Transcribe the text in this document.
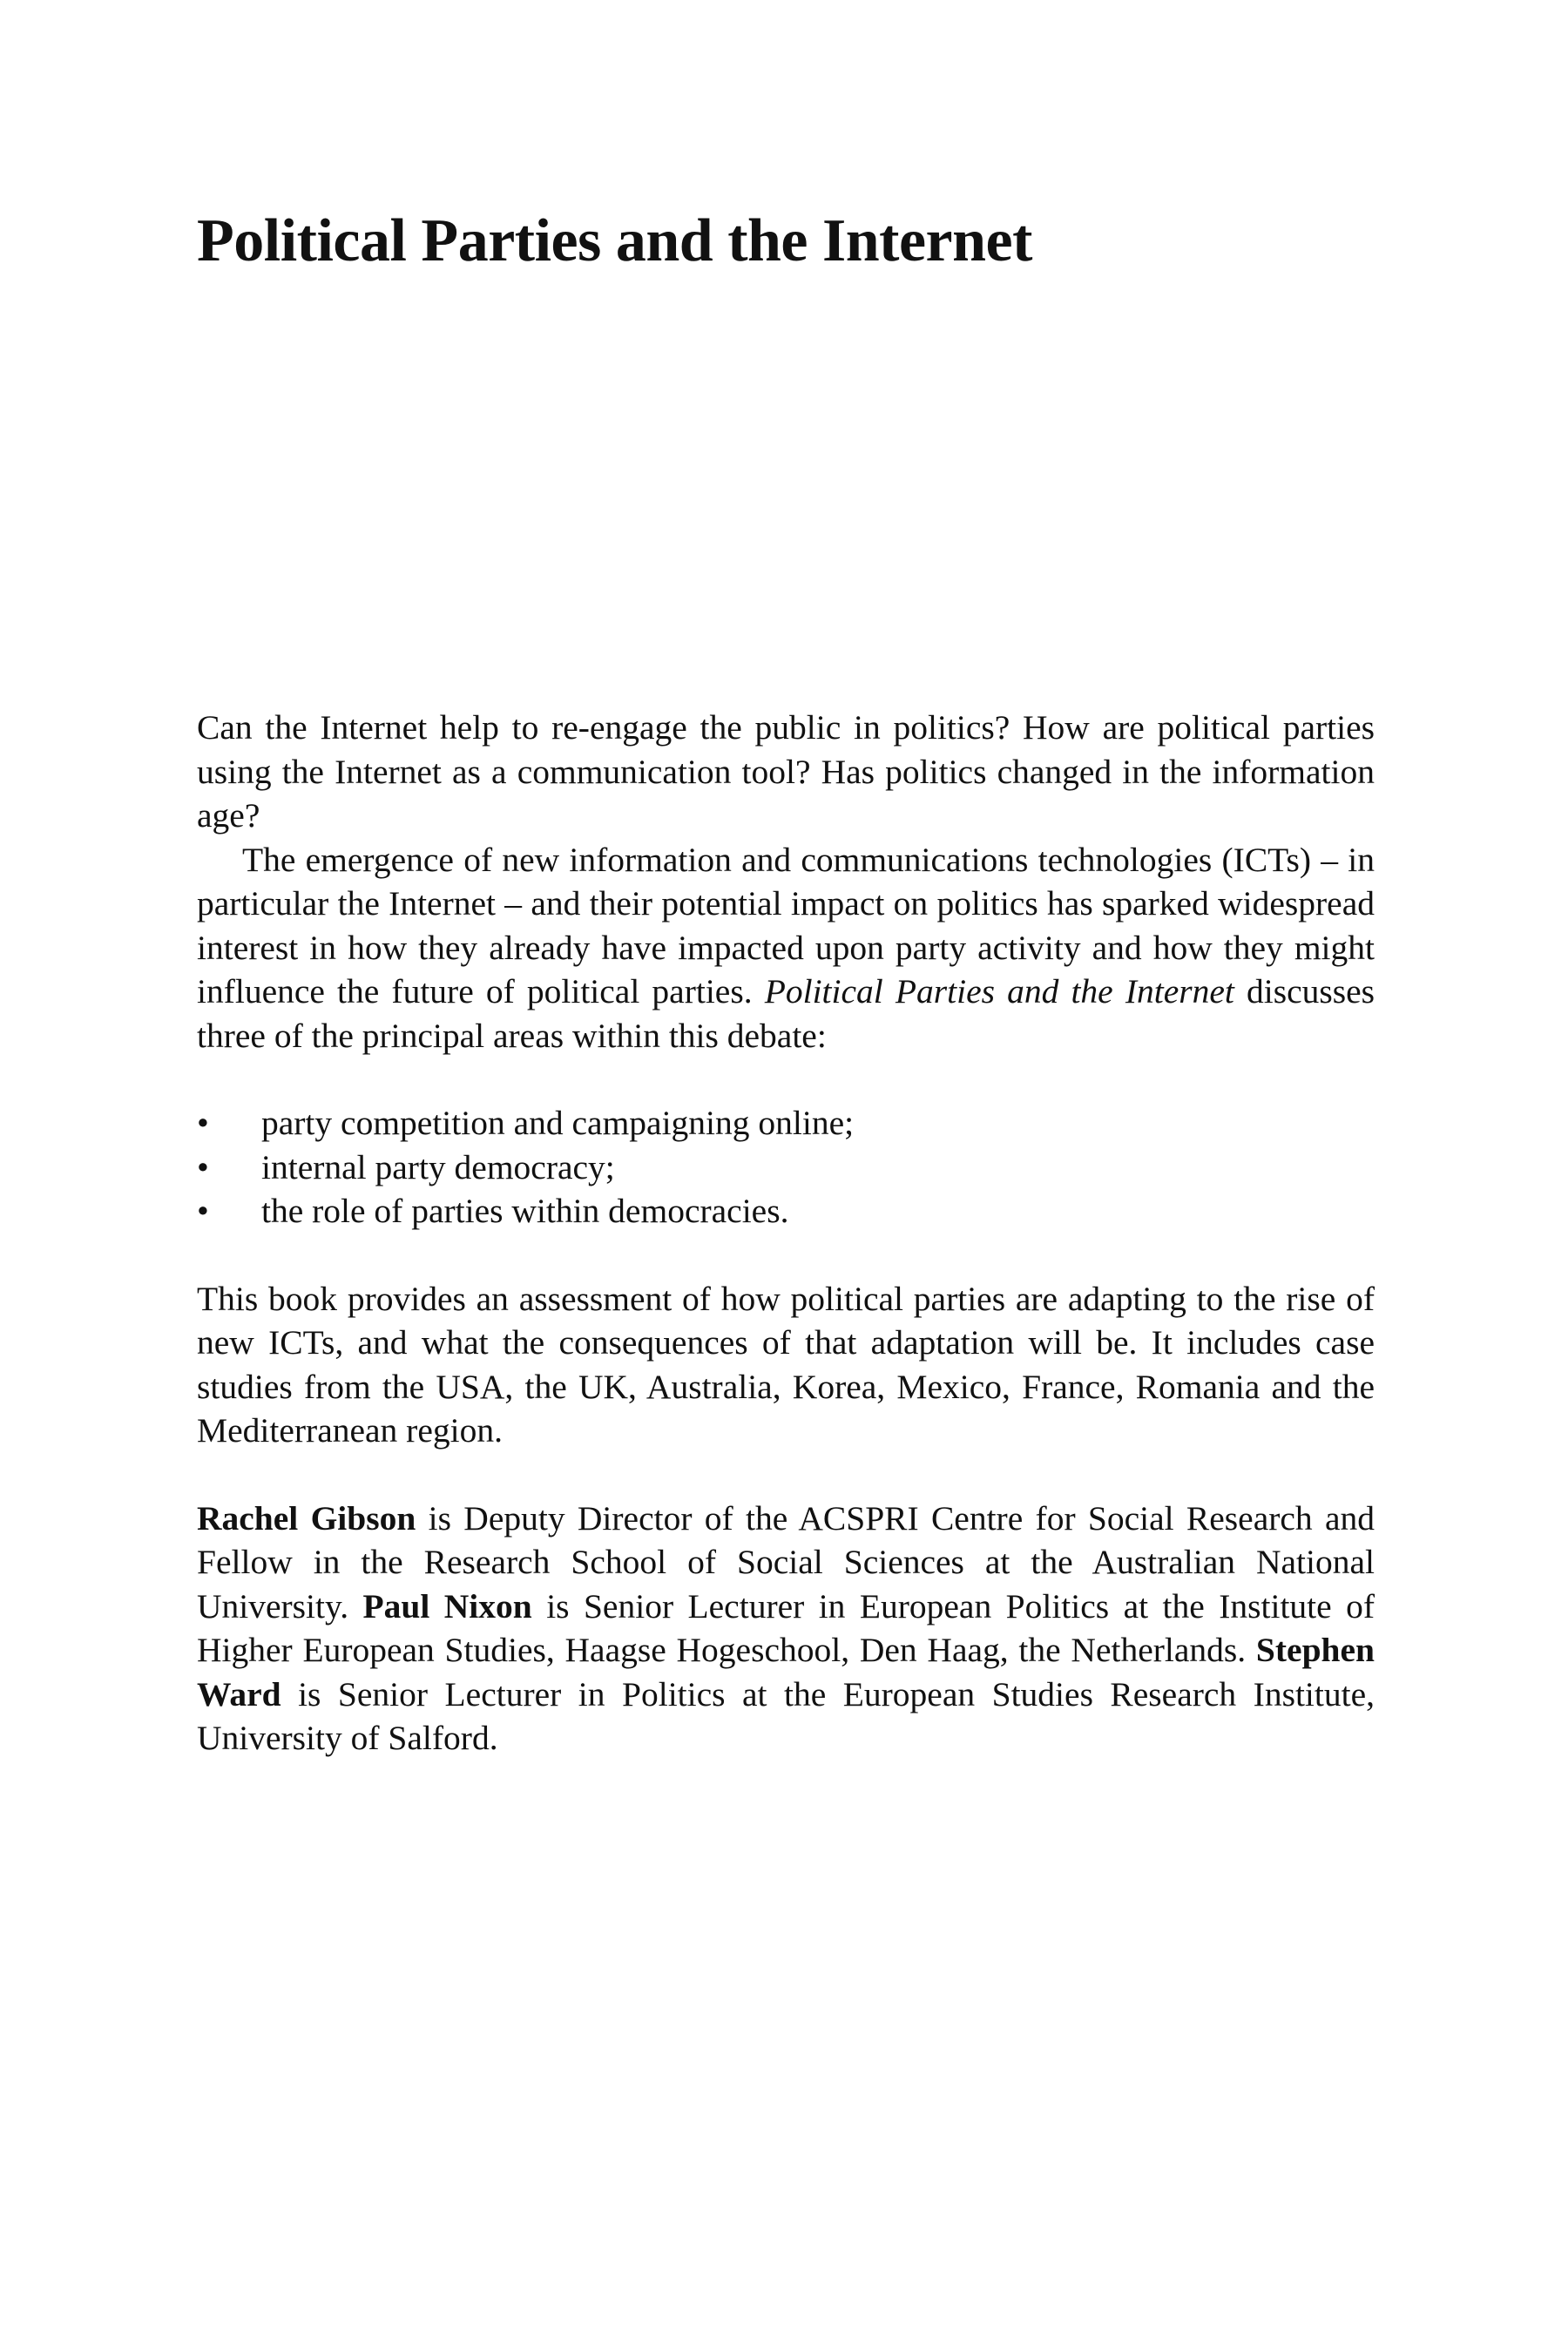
Political Parties and the Internet

Can the Internet help to re-engage the public in politics? How are political parties using the Internet as a communication tool? Has politics changed in the information age?

The emergence of new information and communications technologies (ICTs) – in particular the Internet – and their potential impact on politics has sparked widespread interest in how they already have impacted upon party activity and how they might influence the future of political parties. Political Parties and the Internet discusses three of the principal areas within this debate:

• party competition and campaigning online;
• internal party democracy;
• the role of parties within democracies.

This book provides an assessment of how political parties are adapting to the rise of new ICTs, and what the consequences of that adaptation will be. It includes case studies from the USA, the UK, Australia, Korea, Mexico, France, Romania and the Mediterranean region.

Rachel Gibson is Deputy Director of the ACSPRI Centre for Social Research and Fellow in the Research School of Social Sciences at the Australian National University. Paul Nixon is Senior Lecturer in European Politics at the Institute of Higher European Studies, Haagse Hogeschool, Den Haag, the Netherlands. Stephen Ward is Senior Lecturer in Politics at the European Studies Research Institute, University of Salford.
